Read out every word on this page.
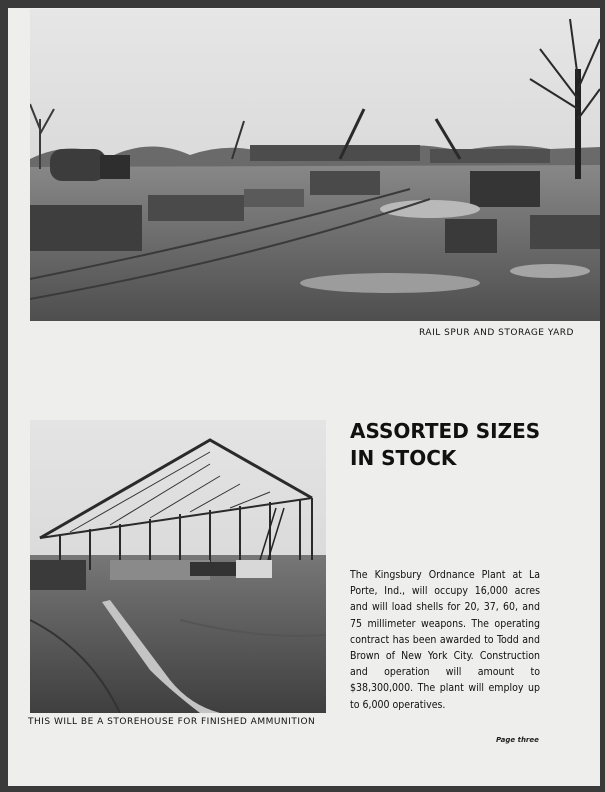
RAIL SPUR AND STORAGE YARD
THIS WILL BE A STOREHOUSE FOR FINISHED AMMUNITION
ASSORTED SIZES
IN STOCK
The Kingsbury Ordnance Plant at La Porte, Ind., will occupy 16,000 acres and will load shells for 20, 37, 60, and 75 millimeter weapons. The operating contract has been awarded to Todd and Brown of New York City. Construction and operation will amount to $38,300,000. The plant will employ up to 6,000 operatives.
Page three
